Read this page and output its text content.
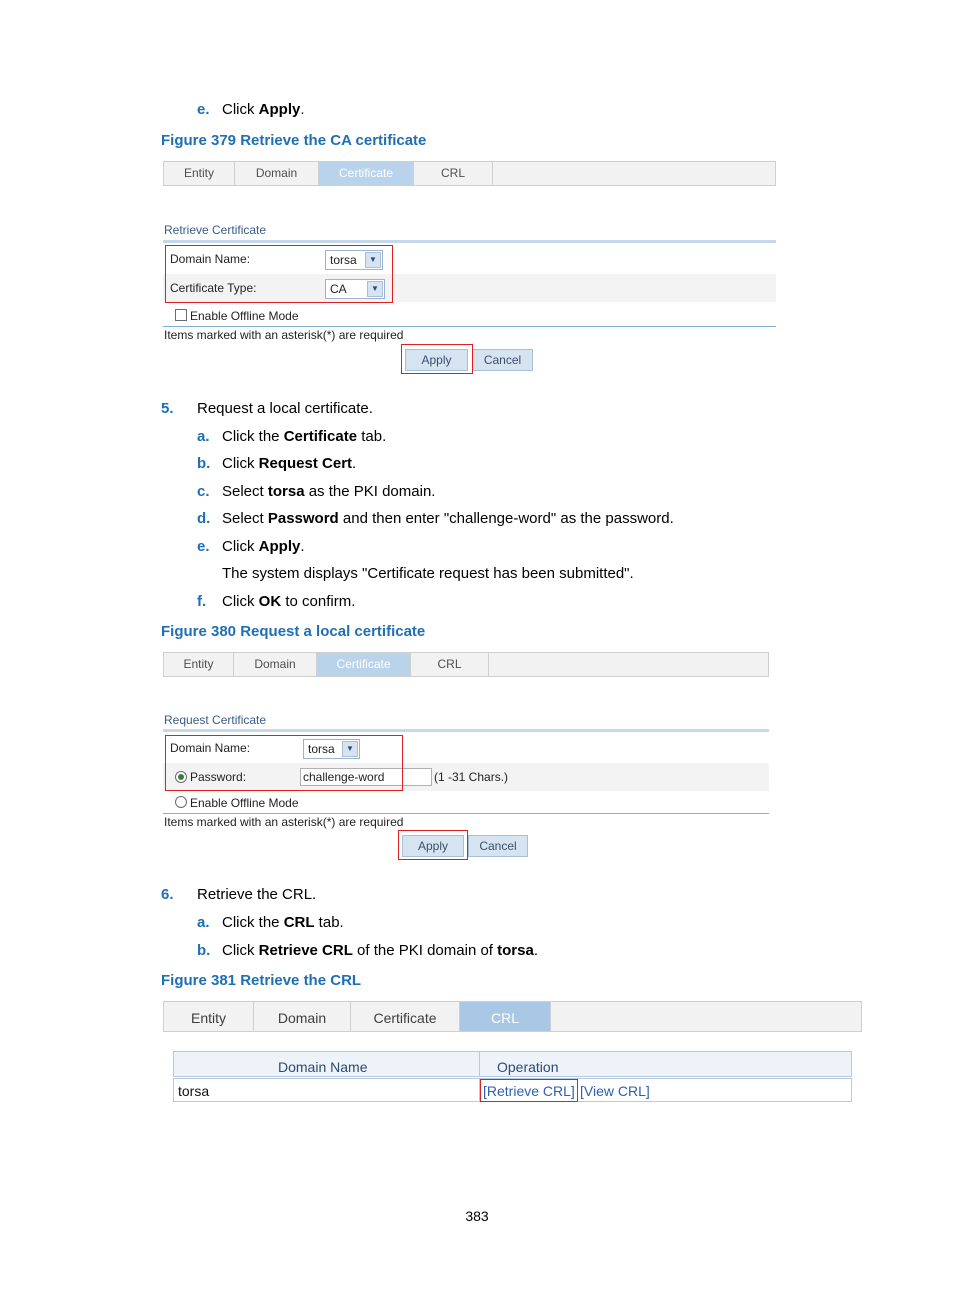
e. Click Apply.
Figure 379 Retrieve the CA certificate
Entity	Domain	Certificate	CRL
Retrieve Certificate
Domain Name:	torsa	▼
Certificate Type:	CA	▼
Enable Offline Mode
Items marked with an asterisk(*) are required
Apply	Cancel
5. Request a local certificate.
a. Click the Certificate tab.
b. Click Request Cert.
c. Select torsa as the PKI domain.
d. Select Password and then enter "challenge-word" as the password.
e. Click Apply.
The system displays "Certificate request has been submitted".
f. Click OK to confirm.
Figure 380 Request a local certificate
Entity	Domain	Certificate	CRL
Request Certificate
Domain Name:	torsa	▼
Password:	challenge-word	(1 -31 Chars.)
Enable Offline Mode
Items marked with an asterisk(*) are required
Apply	Cancel
6. Retrieve the CRL.
a. Click the CRL tab.
b. Click Retrieve CRL of the PKI domain of torsa.
Figure 381 Retrieve the CRL
Entity	Domain	Certificate	CRL
Domain Name	Operation
torsa	[Retrieve CRL] [View CRL]
383
